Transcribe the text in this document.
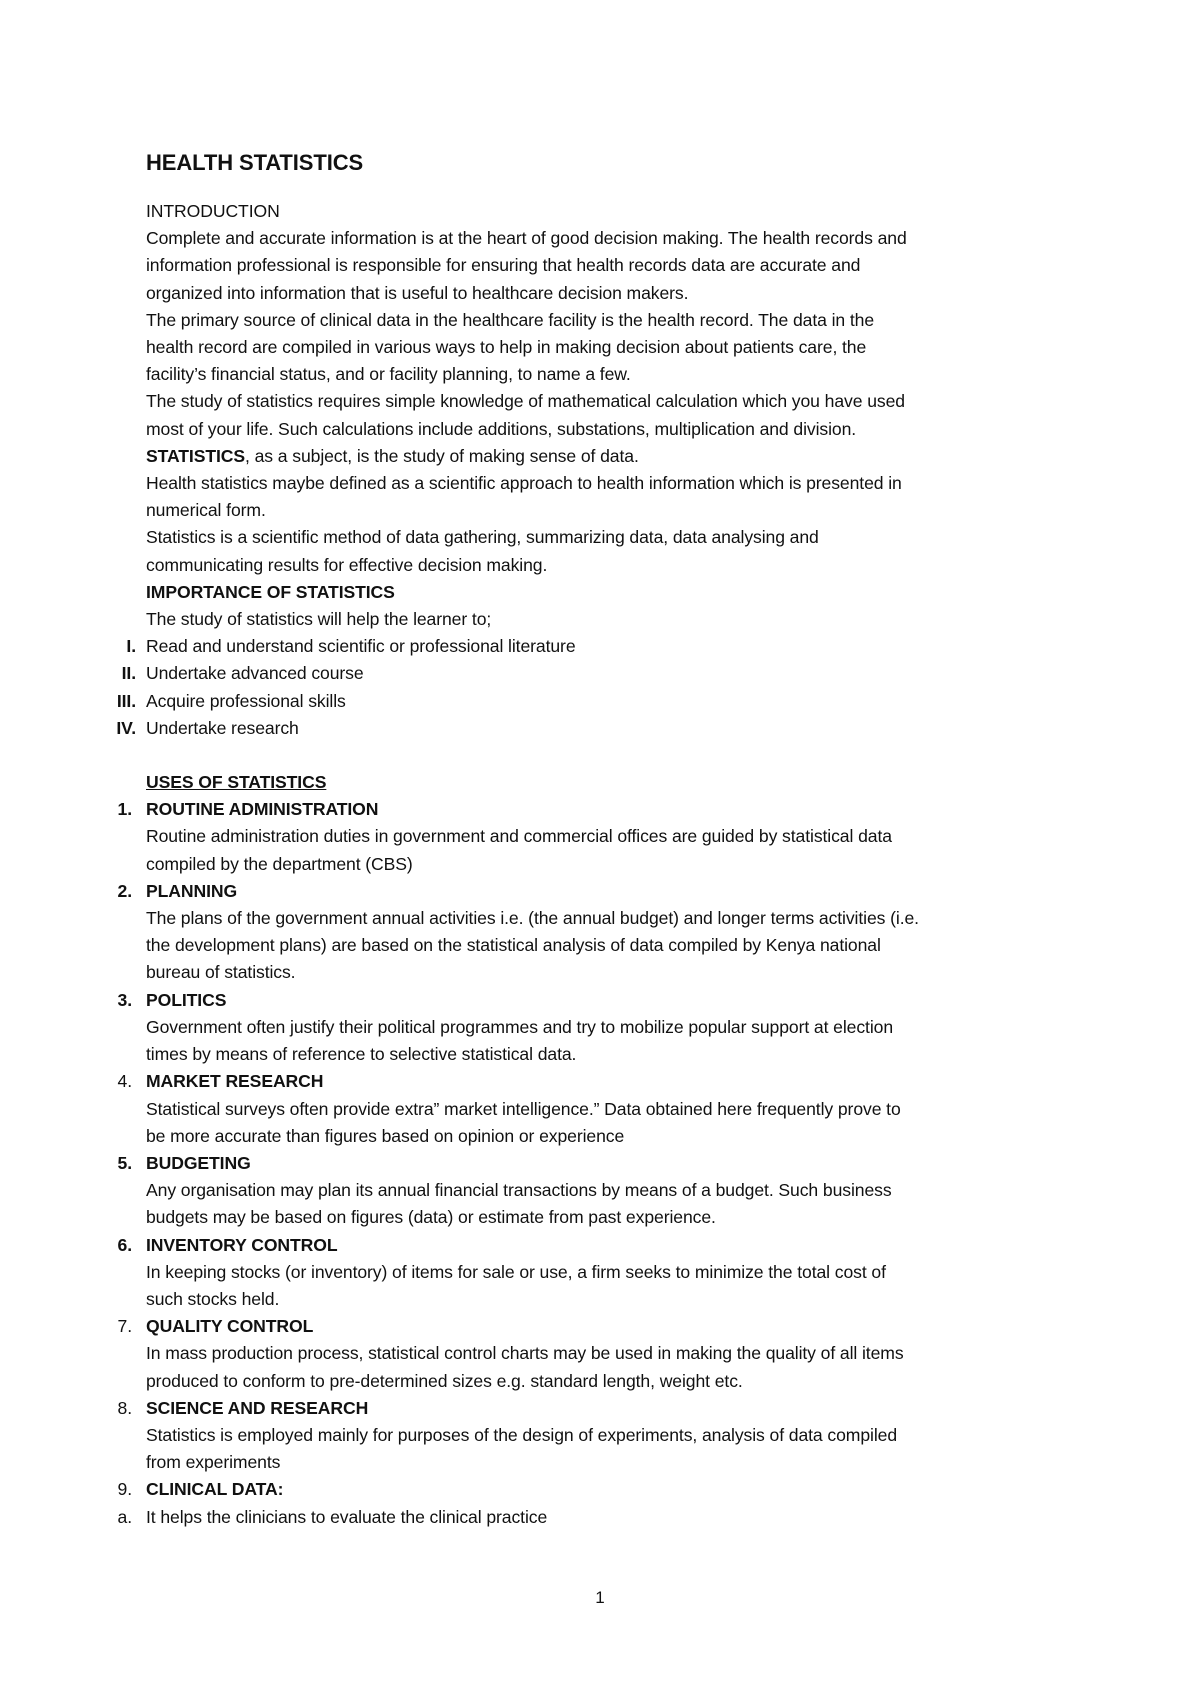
HEALTH STATISTICS
INTRODUCTION
Complete and accurate information is at the heart of good decision making. The health records and
information professional is responsible for ensuring that health records data are accurate and
organized into information that is useful to healthcare decision makers.
The primary source of clinical data in the healthcare facility is the health record. The data in the
health record are compiled in various ways to help in making decision about patients care, the
facility’s financial status, and or facility planning, to name a few.
The study of statistics requires simple knowledge of mathematical calculation which you have used
most of your life. Such calculations include additions, substations, multiplication and division.
STATISTICS, as a subject, is the study of making sense of data.
Health statistics maybe defined as a scientific approach to health information which is presented in
numerical form.
Statistics is a scientific method of data gathering, summarizing data, data analysing and
communicating results for effective decision making.
IMPORTANCE OF STATISTICS
The study of statistics will help the learner to;
I. Read and understand scientific or professional literature
II. Undertake advanced course
III. Acquire professional skills
IV. Undertake research
USES OF STATISTICS
1. ROUTINE ADMINISTRATION
Routine administration duties in government and commercial offices are guided by statistical data
compiled by the department (CBS)
2. PLANNING
The plans of the government annual activities i.e. (the annual budget) and longer terms activities (i.e.
the development plans) are based on the statistical analysis of data compiled by Kenya national
bureau of statistics.
3. POLITICS
Government often justify their political programmes and try to mobilize popular support at election
times by means of reference to selective statistical data.
4. MARKET RESEARCH
Statistical surveys often provide extra” market intelligence.” Data obtained here frequently prove to
be more accurate than figures based on opinion or experience
5. BUDGETING
Any organisation may plan its annual financial transactions by means of a budget. Such business
budgets may be based on figures (data) or estimate from past experience.
6. INVENTORY CONTROL
In keeping stocks (or inventory) of items for sale or use, a firm seeks to minimize the total cost of
such stocks held.
7. QUALITY CONTROL
In mass production process, statistical control charts may be used in making the quality of all items
produced to conform to pre-determined sizes e.g. standard length, weight etc.
8. SCIENCE AND RESEARCH
Statistics is employed mainly for purposes of the design of experiments, analysis of data compiled
from experiments
9. CLINICAL DATA:
a. It helps the clinicians to evaluate the clinical practice
1
